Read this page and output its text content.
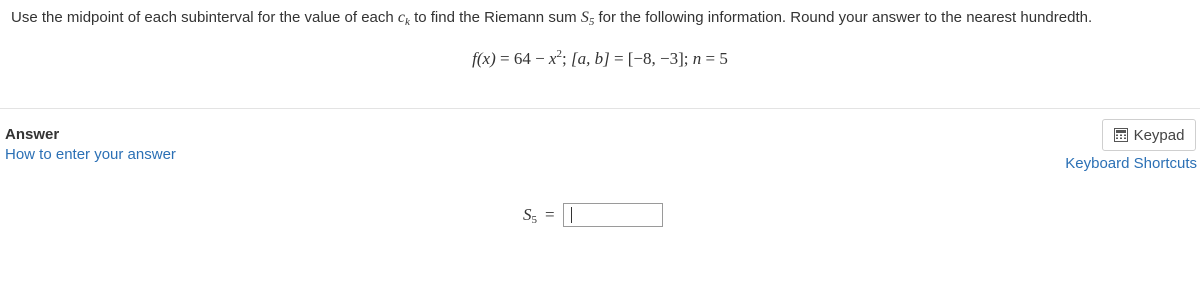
Use the midpoint of each subinterval for the value of each $c_k$ to find the Riemann sum $S_5$ for the following information. Round your answer to the nearest hundredth.
$f(x) = 64 - x^2$; [a, b] = [−8, −3]; n = 5
Answer
How to enter your answer
Keypad
Keyboard Shortcuts
$S_5$ =
